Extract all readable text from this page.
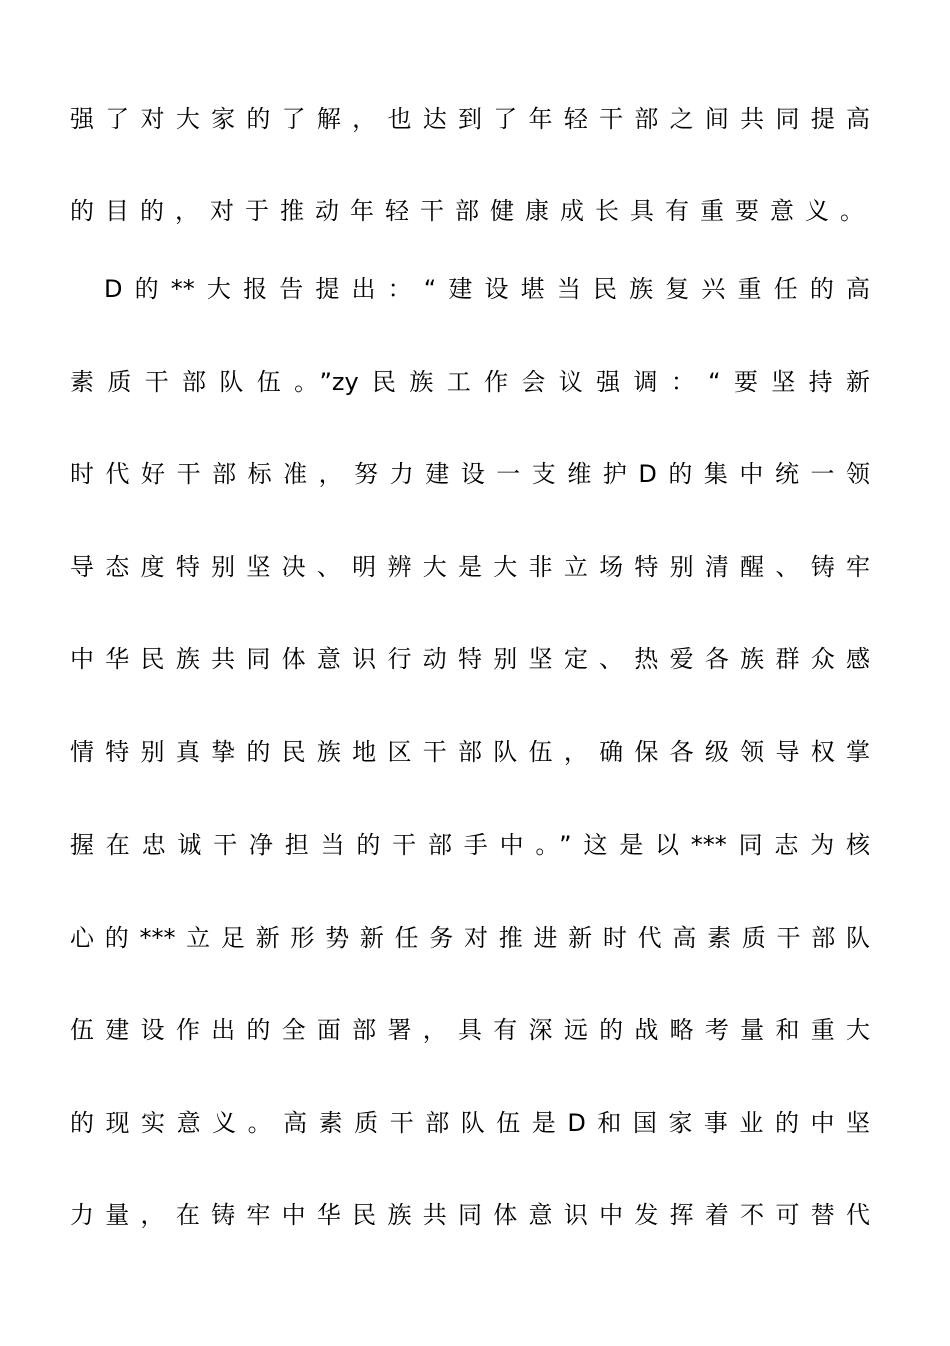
强了对大家的了解，也达到了年轻干部之间共同提高
的目的，对于推动年轻干部健康成长具有重要意义。
D的**大报告提出：“建设堪当民族复兴重任的高
素质干部队伍。”zy民族工作会议强调：“要坚持新
时代好干部标准，努力建设一支维护D的集中统一领
导态度特别坚决、明辨大是大非立场特别清醒、铸牢
中华民族共同体意识行动特别坚定、热爱各族群众感
情特别真挚的民族地区干部队伍，确保各级领导权掌
握在忠诚干净担当的干部手中。”这是以***同志为核
心的***立足新形势新任务对推进新时代高素质干部队
伍建设作出的全面部署，具有深远的战略考量和重大
的现实意义。高素质干部队伍是D和国家事业的中坚
力量，在铸牢中华民族共同体意识中发挥着不可替代
